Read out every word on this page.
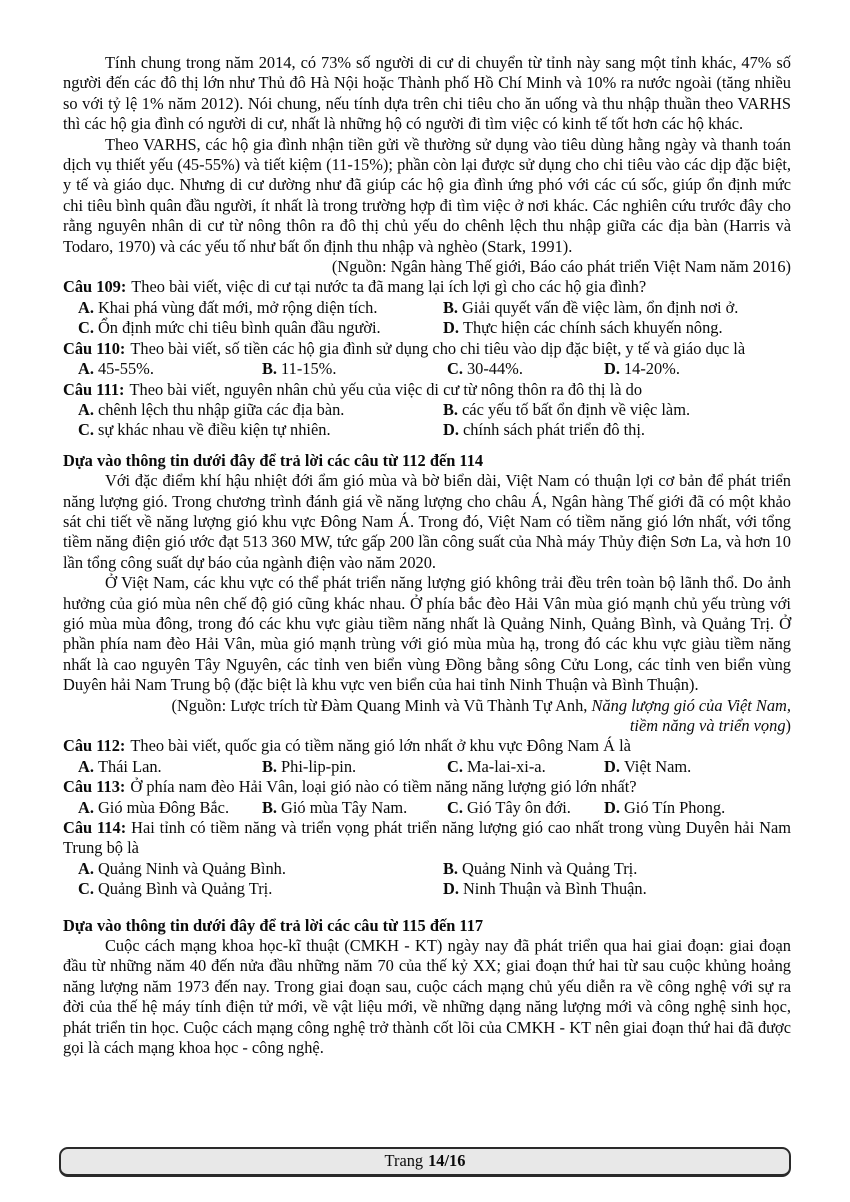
Tính chung trong năm 2014, có 73% số người di cư di chuyển từ tỉnh này sang một tỉnh khác, 47% số người đến các đô thị lớn như Thủ đô Hà Nội hoặc Thành phố Hồ Chí Minh và 10% ra nước ngoài (tăng nhiều so với tỷ lệ 1% năm 2012). Nói chung, nếu tính dựa trên chi tiêu cho ăn uống và thu nhập thuần theo VARHS thì các hộ gia đình có người di cư, nhất là những hộ có người đi tìm việc có kinh tế tốt hơn các hộ khác.

Theo VARHS, các hộ gia đình nhận tiền gửi về thường sử dụng vào tiêu dùng hằng ngày và thanh toán dịch vụ thiết yếu (45-55%) và tiết kiệm (11-15%); phần còn lại được sử dụng cho chi tiêu vào các dịp đặc biệt, y tế và giáo dục. Nhưng di cư dường như đã giúp các hộ gia đình ứng phó với các cú sốc, giúp ổn định mức chi tiêu bình quân đầu người, ít nhất là trong trường hợp đi tìm việc ở nơi khác. Các nghiên cứu trước đây cho rằng nguyên nhân di cư từ nông thôn ra đô thị chủ yếu do chênh lệch thu nhập giữa các địa bàn (Harris và Todaro, 1970) và các yếu tố như bất ổn định thu nhập và nghèo (Stark, 1991).

(Nguồn: Ngân hàng Thế giới, Báo cáo phát triển Việt Nam năm 2016)

Câu 109: Theo bài viết, việc di cư tại nước ta đã mang lại ích lợi gì cho các hộ gia đình?
A. Khai phá vùng đất mới, mở rộng diện tích.	B. Giải quyết vấn đề việc làm, ổn định nơi ở.
C. Ổn định mức chi tiêu bình quân đầu người.	D. Thực hiện các chính sách khuyến nông.
Câu 110: Theo bài viết, số tiền các hộ gia đình sử dụng cho chi tiêu vào dịp đặc biệt, y tế và giáo dục là
A. 45-55%.	B. 11-15%.	C. 30-44%.	D. 14-20%.
Câu 111: Theo bài viết, nguyên nhân chủ yếu của việc di cư từ nông thôn ra đô thị là do
A. chênh lệch thu nhập giữa các địa bàn.	B. các yếu tố bất ổn định về việc làm.
C. sự khác nhau về điều kiện tự nhiên.	D. chính sách phát triển đô thị.
Dựa vào thông tin dưới đây để trả lời các câu từ 112 đến 114

Với đặc điểm khí hậu nhiệt đới ẩm gió mùa và bờ biển dài, Việt Nam có thuận lợi cơ bản để phát triển năng lượng gió. Trong chương trình đánh giá về năng lượng cho châu Á, Ngân hàng Thế giới đã có một khảo sát chi tiết về năng lượng gió khu vực Đông Nam Á. Trong đó, Việt Nam có tiềm năng gió lớn nhất, với tổng tiềm năng điện gió ước đạt 513 360 MW, tức gấp 200 lần công suất của Nhà máy Thủy điện Sơn La, và hơn 10 lần tổng công suất dự báo của ngành điện vào năm 2020.

Ở Việt Nam, các khu vực có thể phát triển năng lượng gió không trải đều trên toàn bộ lãnh thổ. Do ảnh hưởng của gió mùa nên chế độ gió cũng khác nhau. Ở phía bắc đèo Hải Vân mùa gió mạnh chủ yếu trùng với gió mùa mùa đông, trong đó các khu vực giàu tiềm năng nhất là Quảng Ninh, Quảng Bình, và Quảng Trị. Ở phần phía nam đèo Hải Vân, mùa gió mạnh trùng với gió mùa mùa hạ, trong đó các khu vực giàu tiềm năng nhất là cao nguyên Tây Nguyên, các tỉnh ven biển vùng Đồng bằng sông Cửu Long, các tỉnh ven biển vùng Duyên hải Nam Trung bộ (đặc biệt là khu vực ven biển của hai tỉnh Ninh Thuận và Bình Thuận).

(Nguồn: Lược trích từ Đàm Quang Minh và Vũ Thành Tự Anh, Năng lượng gió của Việt Nam,

tiềm năng và triển vọng)

Câu 112: Theo bài viết, quốc gia có tiềm năng gió lớn nhất ở khu vực Đông Nam Á là
A. Thái Lan.	B. Phi-lip-pin.	C. Ma-lai-xi-a.	D. Việt Nam.
Câu 113: Ở phía nam đèo Hải Vân, loại gió nào có tiềm năng năng lượng gió lớn nhất?
A. Gió mùa Đông Bắc.	B. Gió mùa Tây Nam.	C. Gió Tây ôn đới.	D. Gió Tín Phong.
Câu 114: Hai tỉnh có tiềm năng và triển vọng phát triển năng lượng gió cao nhất trong vùng Duyên hải Nam Trung bộ là
A. Quảng Ninh và Quảng Bình.	B. Quảng Ninh và Quảng Trị.
C. Quảng Bình và Quảng Trị.	D. Ninh Thuận và Bình Thuận.
Dựa vào thông tin dưới đây để trả lời các câu từ 115 đến 117

Cuộc cách mạng khoa học-kĩ thuật (CMKH - KT) ngày nay đã phát triển qua hai giai đoạn: giai đoạn đầu từ những năm 40 đến nửa đầu những năm 70 của thế kỷ XX; giai đoạn thứ hai từ sau cuộc khủng hoảng năng lượng năm 1973 đến nay. Trong giai đoạn sau, cuộc cách mạng chủ yếu diễn ra về công nghệ với sự ra đời của thế hệ máy tính điện tử mới, về vật liệu mới, về những dạng năng lượng mới và công nghệ sinh học, phát triển tin học. Cuộc cách mạng công nghệ trở thành cốt lõi của CMKH - KT nên giai đoạn thứ hai đã được gọi là cách mạng khoa học - công nghệ.

Trang 14/16
